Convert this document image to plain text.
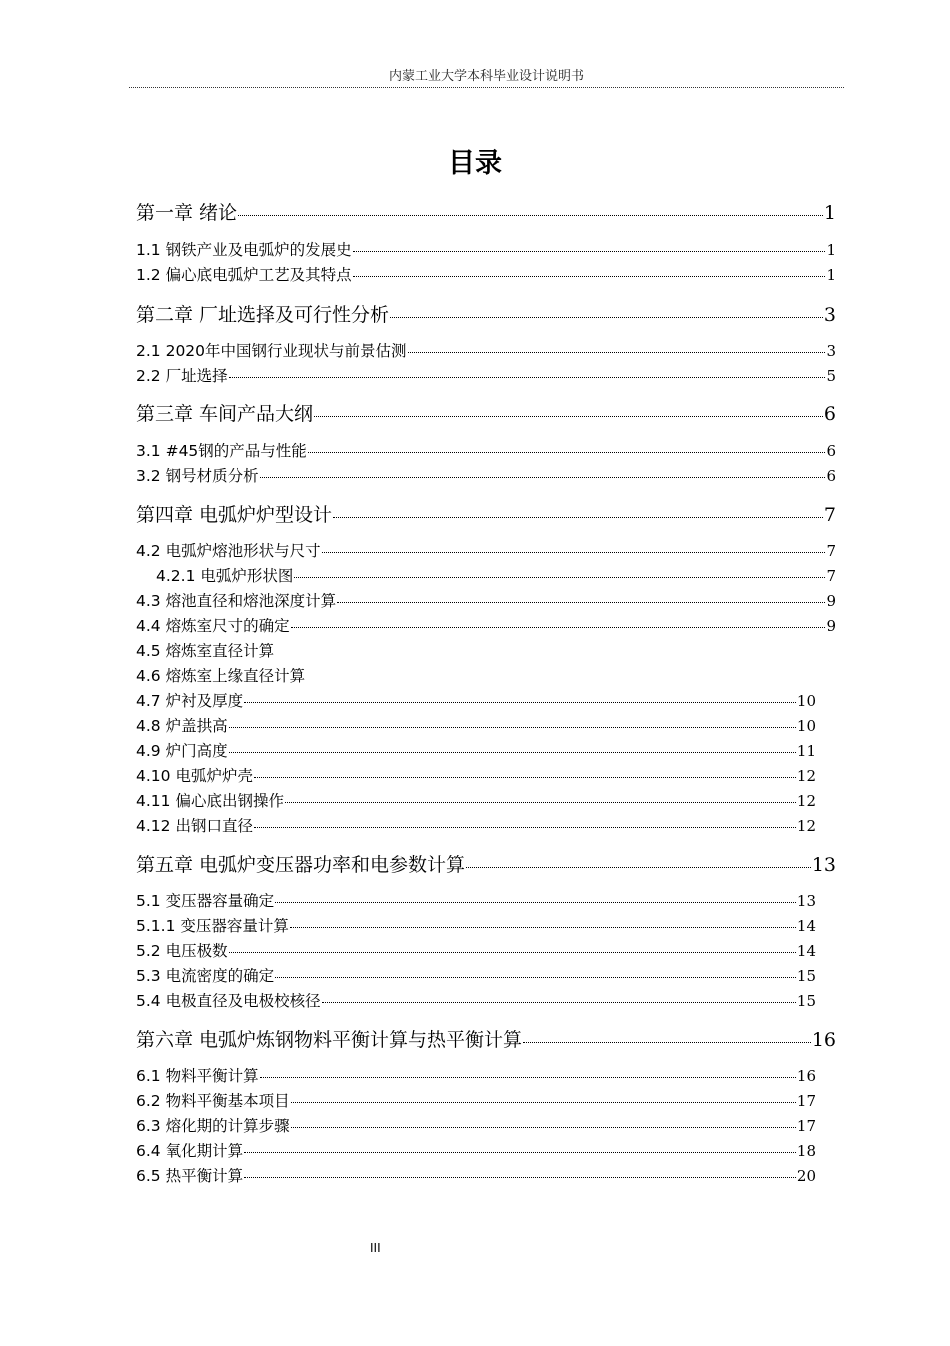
内蒙工业大学本科毕业设计说明书
目录
第一章 绪论	1
1.1 钢铁产业及电弧炉的发展史	1
1.2 偏心底电弧炉工艺及其特点	1
第二章 厂址选择及可行性分析	3
2.1 2020年中国钢行业现状与前景估测	3
2.2 厂址选择	5
第三章 车间产品大纲	6
3.1 #45钢的产品与性能	6
3.2 钢号材质分析	6
第四章 电弧炉炉型设计	7
4.2 电弧炉熔池形状与尺寸	7
4.2.1 电弧炉形状图	7
4.3 熔池直径和熔池深度计算	9
4.4 熔炼室尺寸的确定	9
4.5 熔炼室直径计算
4.6 熔炼室上缘直径计算
4.7 炉衬及厚度	10
4.8 炉盖拱高	10
4.9 炉门高度	11
4.10 电弧炉炉壳	12
4.11 偏心底出钢操作	12
4.12 出钢口直径	12
第五章 电弧炉变压器功率和电参数计算	13
5.1 变压器容量确定	13
5.1.1 变压器容量计算	14
5.2 电压极数	14
5.3 电流密度的确定	15
5.4 电极直径及电极校核径	15
第六章 电弧炉炼钢物料平衡计算与热平衡计算	16
6.1 物料平衡计算	16
6.2 物料平衡基本项目	17
6.3 熔化期的计算步骤	17
6.4 氧化期计算	18
6.5 热平衡计算	20
III
